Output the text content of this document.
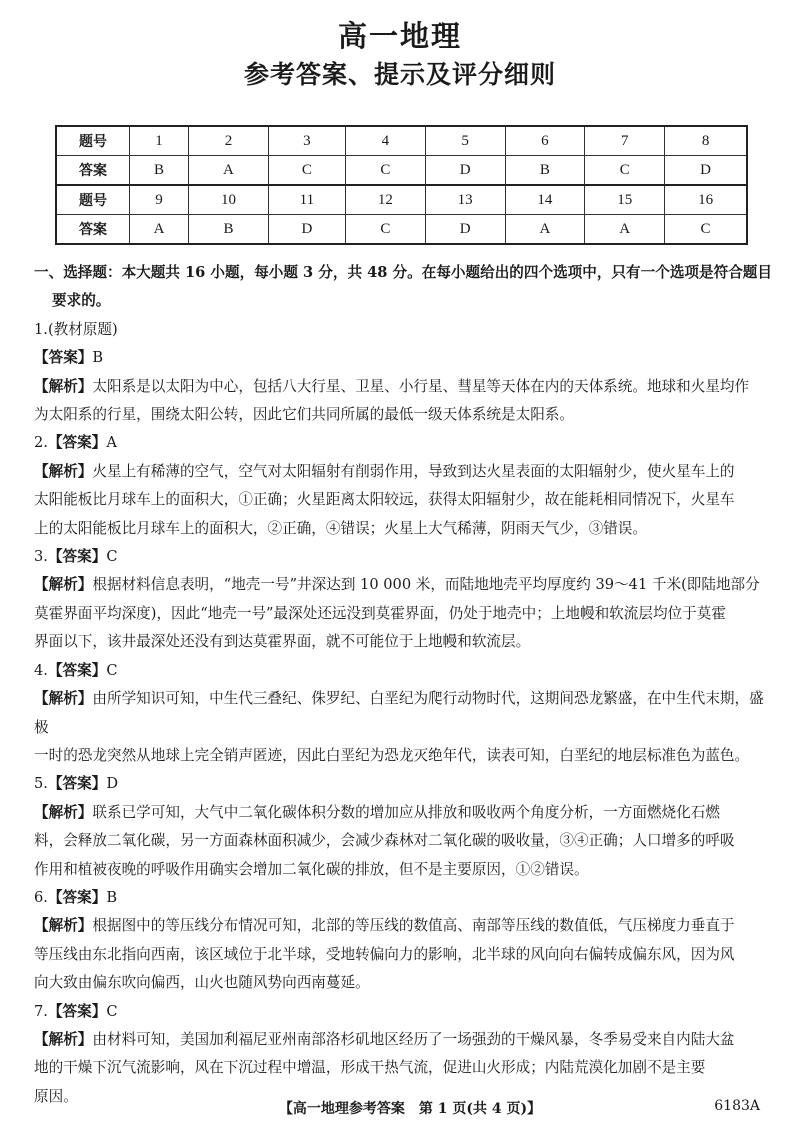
高一地理
参考答案、提示及评分细则
题号	1	2	3	4	5	6	7	8
答案	B	A	C	C	D	B	C	D
题号	9	10	11	12	13	14	15	16
答案	A	B	D	C	D	A	A	C

一、选择题：本大题共 16 小题，每小题 3 分，共 48 分。在每小题给出的四个选项中，只有一个选项是符合题目

要求的。

1.(教材原题)

【答案】B

【解析】太阳系是以太阳为中心，包括八大行星、卫星、小行星、彗星等天体在内的天体系统。地球和火星均作

为太阳系的行星，围绕太阳公转，因此它们共同所属的最低一级天体系统是太阳系。

2.【答案】A

【解析】火星上有稀薄的空气，空气对太阳辐射有削弱作用，导致到达火星表面的太阳辐射少，使火星车上的

太阳能板比月球车上的面积大，①正确；火星距离太阳较远，获得太阳辐射少，故在能耗相同情况下，火星车

上的太阳能板比月球车上的面积大，②正确，④错误；火星上大气稀薄，阴雨天气少，③错误。

3.【答案】C

【解析】根据材料信息表明，“地壳一号”井深达到 10 000 米，而陆地地壳平均厚度约 39～41 千米(即陆地部分

莫霍界面平均深度)，因此“地壳一号”最深处还远没到莫霍界面，仍处于地壳中；上地幔和软流层均位于莫霍

界面以下，该井最深处还没有到达莫霍界面，就不可能位于上地幔和软流层。

4.【答案】C

【解析】由所学知识可知，中生代三叠纪、侏罗纪、白垩纪为爬行动物时代，这期间恐龙繁盛，在中生代末期，盛极

一时的恐龙突然从地球上完全销声匿迹，因此白垩纪为恐龙灭绝年代，读表可知，白垩纪的地层标准色为蓝色。

5.【答案】D

【解析】联系已学可知，大气中二氧化碳体积分数的增加应从排放和吸收两个角度分析，一方面燃烧化石燃

料，会释放二氧化碳，另一方面森林面积减少，会减少森林对二氧化碳的吸收量，③④正确；人口增多的呼吸

作用和植被夜晚的呼吸作用确实会增加二氧化碳的排放，但不是主要原因，①②错误。

6.【答案】B

【解析】根据图中的等压线分布情况可知，北部的等压线的数值高、南部等压线的数值低，气压梯度力垂直于

等压线由东北指向西南，该区域位于北半球，受地转偏向力的影响，北半球的风向向右偏转成偏东风，因为风

向大致由偏东吹向偏西，山火也随风势向西南蔓延。

7.【答案】C

【解析】由材料可知，美国加利福尼亚州南部洛杉矶地区经历了一场强劲的干燥风暴，冬季易受来自内陆大盆

地的干燥下沉气流影响，风在下沉过程中增温，形成干热气流，促进山火形成；内陆荒漠化加剧不是主要

原因。

【高一地理参考答案　第 1 页(共 4 页)】	6183A
